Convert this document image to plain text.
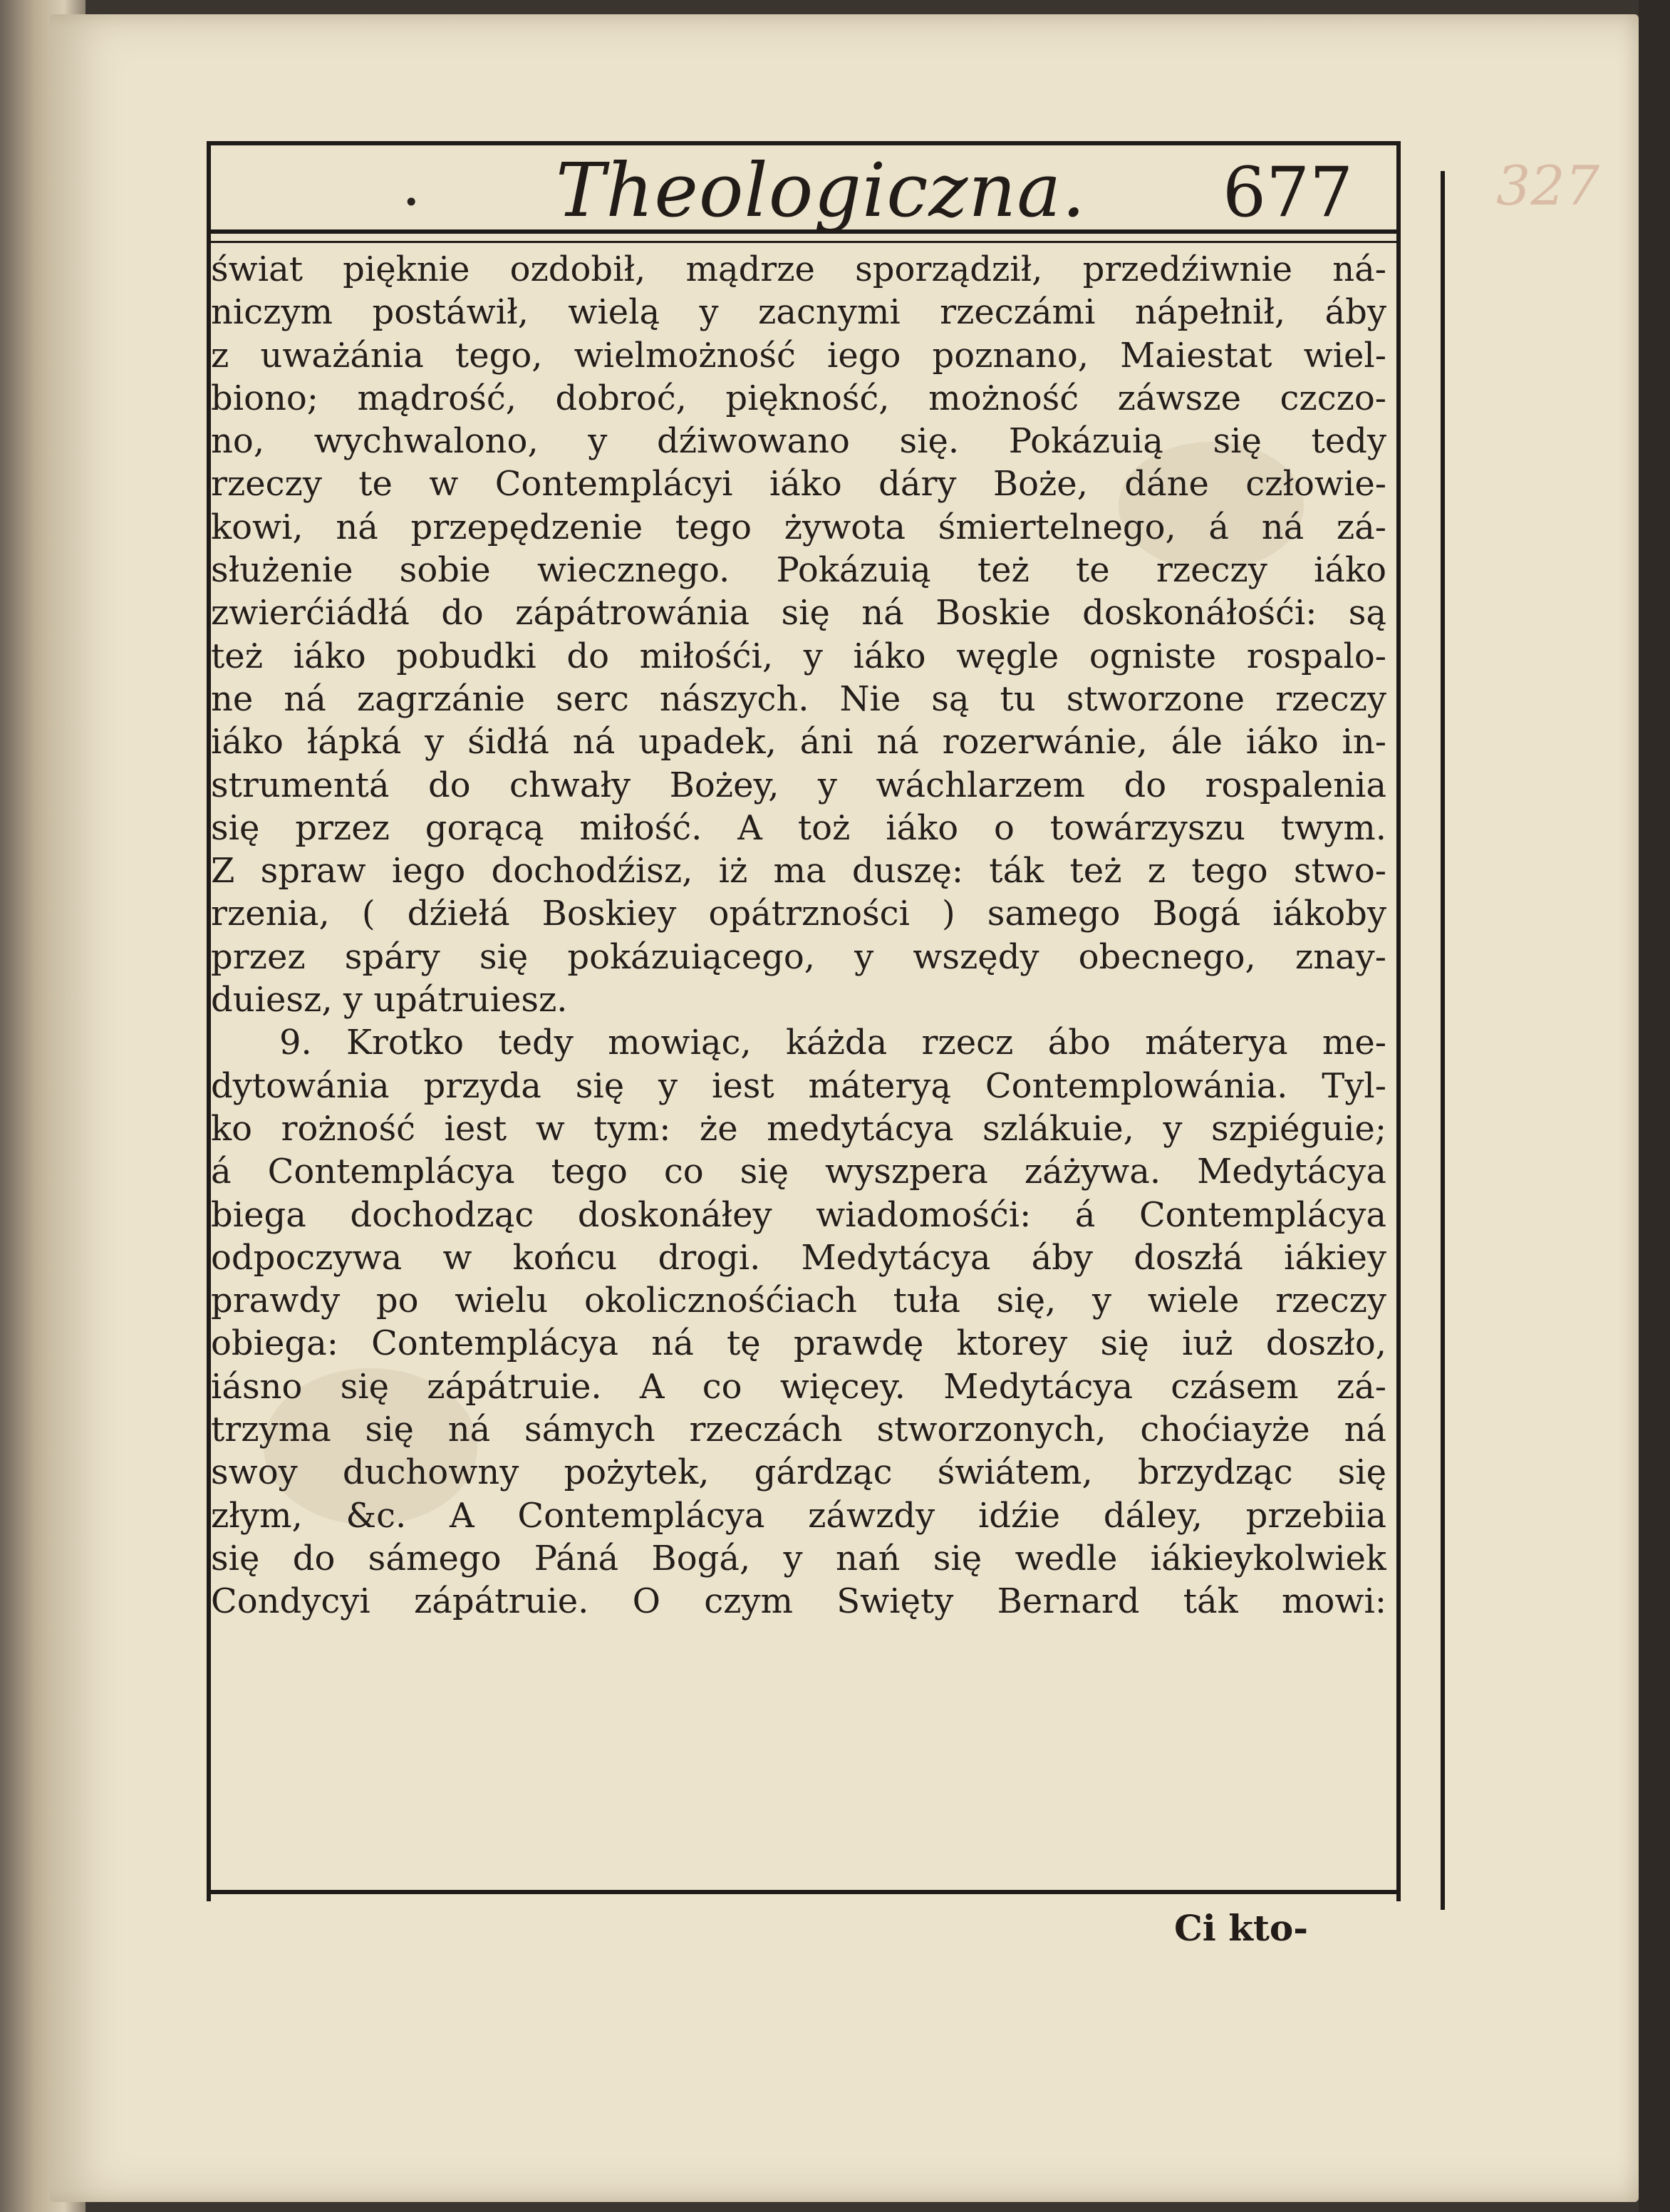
• Theologiczna. 677	327
świat pięknie ozdobił, mądrze sporządził, przedźiwnie ná-
niczym postáwił, wielą y zacnymi rzeczámi nápełnił, áby
z uważánia tego, wielmożność iego poznano, Maiestat wiel-
biono; mądrość, dobroć, piękność, możność záwsze czczo-
no, wychwalono, y dźiwowano się. Pokázuią się tedy
rzeczy te w Contemplácyi iáko dáry Boże, dáne człowie-
kowi, ná przepędzenie tego żywota śmiertelnego, á ná zá-
służenie sobie wiecznego. Pokázuią też te rzeczy iáko
zwierćiádłá do zápátrowánia się ná Boskie doskonáłośći: są
też iáko pobudki do miłośći, y iáko węgle ogniste rospalo-
ne ná zagrzánie serc nászych. Nie są tu stworzone rzeczy
iáko łápká y śidłá ná upadek, áni ná rozerwánie, ále iáko in-
strumentá do chwały Bożey, y wáchlarzem do rospalenia
się przez gorącą miłość. A toż iáko o towárzyszu twym.
Z spraw iego dochodźisz, iż ma duszę: ták też z tego stwo-
rzenia, ( dźiełá Boskiey opátrzności ) samego Bogá iákoby
przez spáry się pokázuiącego, y wszędy obecnego, znay-
duiesz, y upátruiesz.
9. Krotko tedy mowiąc, káżda rzecz ábo máterya me-
dytowánia przyda się y iest máteryą Contemplowánia. Tyl-
ko rożność iest w tym: że medytácya szlákuie, y szpiéguie;
á Contemplácya tego co się wyszpera záżywa. Medytácya
biega dochodząc doskonáłey wiadomośći: á Contemplácya
odpoczywa w końcu drogi. Medytácya áby doszłá iákiey
prawdy po wielu okolicznośćiach tuła się, y wiele rzeczy
obiega: Contemplácya ná tę prawdę ktorey się iuż doszło,
iásno się zápátruie. A co więcey. Medytácya czásem zá-
trzyma się ná sámych rzeczách stworzonych, choćiayże ná
swoy duchowny pożytek, gárdząc świátem, brzydząc się
złym, &c. A Contemplácya záwzdy idźie dáley, przebiia
się do sámego Páná Bogá, y nań się wedle iákieykolwiek
Condycyi zápátruie. O czym Swięty Bernard ták mowi:
Ci kto-
